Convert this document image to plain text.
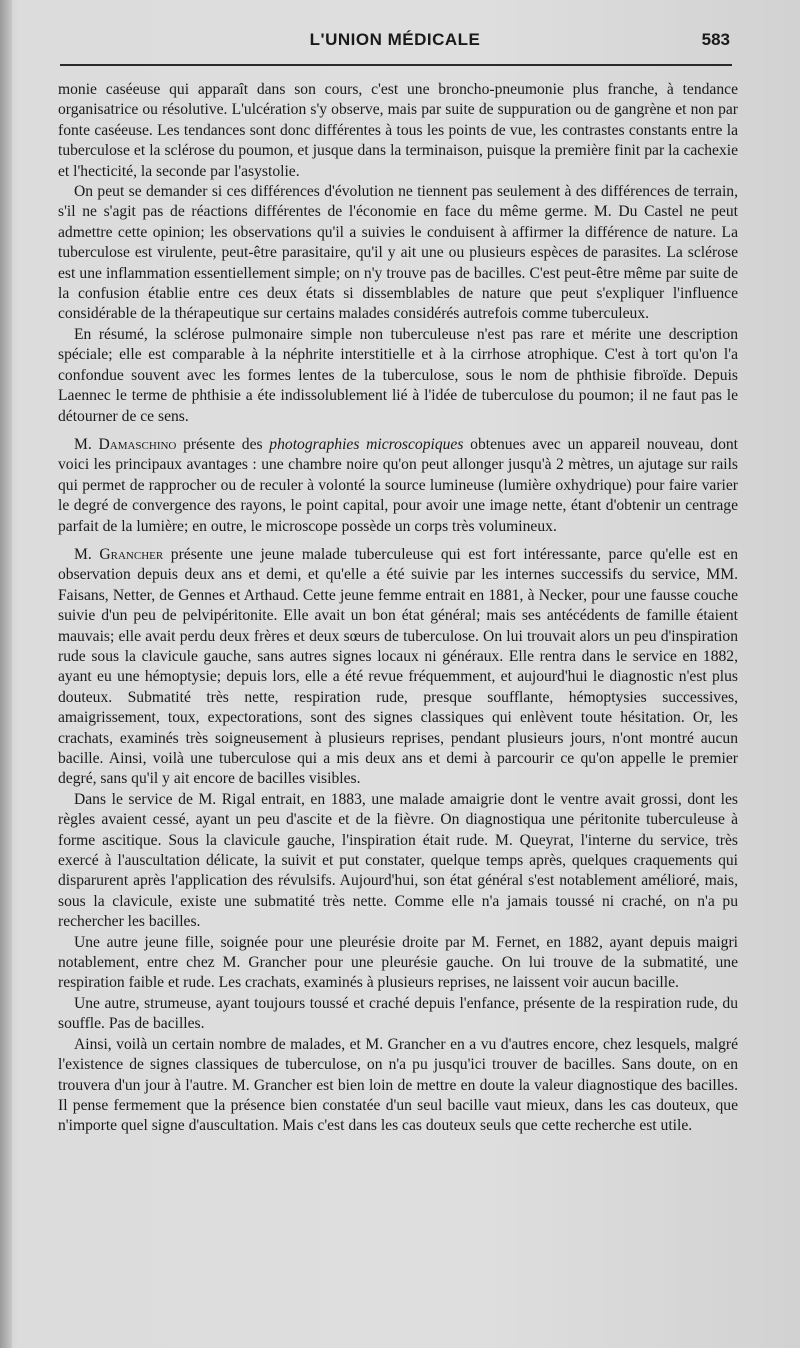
L'UNION MÉDICALE	583

monie caséeuse qui apparaît dans son cours, c'est une broncho-pneumonie plus franche, à tendance organisatrice ou résolutive. L'ulcération s'y observe, mais par suite de suppuration ou de gangrène et non par fonte caséeuse. Les tendances sont donc différentes à tous les points de vue, les contrastes constants entre la tuberculose et la sclérose du poumon, et jusque dans la terminaison, puisque la première finit par la cachexie et l'hecticité, la seconde par l'asystolie.

On peut se demander si ces différences d'évolution ne tiennent pas seulement à des différences de terrain, s'il ne s'agit pas de réactions différentes de l'économie en face du même germe. M. Du Castel ne peut admettre cette opinion; les observations qu'il a suivies le conduisent à affirmer la différence de nature. La tuberculose est virulente, peut-être parasitaire, qu'il y ait une ou plusieurs espèces de parasites. La sclérose est une inflammation essentiellement simple; on n'y trouve pas de bacilles. C'est peut-être même par suite de la confusion établie entre ces deux états si dissemblables de nature que peut s'expliquer l'influence considérable de la thérapeutique sur certains malades considérés autrefois comme tuberculeux.

En résumé, la sclérose pulmonaire simple non tuberculeuse n'est pas rare et mérite une description spéciale; elle est comparable à la néphrite interstitielle et à la cirrhose atrophique. C'est à tort qu'on l'a confondue souvent avec les formes lentes de la tuberculose, sous le nom de phthisie fibroïde. Depuis Laennec le terme de phthisie a éte indissolublement lié à l'idée de tuberculose du poumon; il ne faut pas le détourner de ce sens.

M. Damaschino présente des photographies microscopiques obtenues avec un appareil nouveau, dont voici les principaux avantages : une chambre noire qu'on peut allonger jusqu'à 2 mètres, un ajutage sur rails qui permet de rapprocher ou de reculer à volonté la source lumineuse (lumière oxhydrique) pour faire varier le degré de convergence des rayons, le point capital, pour avoir une image nette, étant d'obtenir un centrage parfait de la lumière; en outre, le microscope possède un corps très volumineux.

M. Grancher présente une jeune malade tuberculeuse qui est fort intéressante, parce qu'elle est en observation depuis deux ans et demi, et qu'elle a été suivie par les internes successifs du service, MM. Faisans, Netter, de Gennes et Arthaud. Cette jeune femme entrait en 1881, à Necker, pour une fausse couche suivie d'un peu de pelvipéritonite. Elle avait un bon état général; mais ses antécédents de famille étaient mauvais; elle avait perdu deux frères et deux sœurs de tuberculose. On lui trouvait alors un peu d'inspiration rude sous la clavicule gauche, sans autres signes locaux ni généraux. Elle rentra dans le service en 1882, ayant eu une hémoptysie; depuis lors, elle a été revue fréquemment, et aujourd'hui le diagnostic n'est plus douteux. Submatité très nette, respiration rude, presque soufflante, hémoptysies successives, amaigrissement, toux, expectorations, sont des signes classiques qui enlèvent toute hésitation. Or, les crachats, examinés très soigneusement à plusieurs reprises, pendant plusieurs jours, n'ont montré aucun bacille. Ainsi, voilà une tuberculose qui a mis deux ans et demi à parcourir ce qu'on appelle le premier degré, sans qu'il y ait encore de bacilles visibles.

Dans le service de M. Rigal entrait, en 1883, une malade amaigrie dont le ventre avait grossi, dont les règles avaient cessé, ayant un peu d'ascite et de la fièvre. On diagnostiqua une péritonite tuberculeuse à forme ascitique. Sous la clavicule gauche, l'inspiration était rude. M. Queyrat, l'interne du service, très exercé à l'auscultation délicate, la suivit et put constater, quelque temps après, quelques craquements qui disparurent après l'application des révulsifs. Aujourd'hui, son état général s'est notablement amélioré, mais, sous la clavicule, existe une submatité très nette. Comme elle n'a jamais toussé ni craché, on n'a pu rechercher les bacilles.

Une autre jeune fille, soignée pour une pleurésie droite par M. Fernet, en 1882, ayant depuis maigri notablement, entre chez M. Grancher pour une pleurésie gauche. On lui trouve de la submatité, une respiration faible et rude. Les crachats, examinés à plusieurs reprises, ne laissent voir aucun bacille.

Une autre, strumeuse, ayant toujours toussé et craché depuis l'enfance, présente de la respiration rude, du souffle. Pas de bacilles.

Ainsi, voilà un certain nombre de malades, et M. Grancher en a vu d'autres encore, chez lesquels, malgré l'existence de signes classiques de tuberculose, on n'a pu jusqu'ici trouver de bacilles. Sans doute, on en trouvera d'un jour à l'autre. M. Grancher est bien loin de mettre en doute la valeur diagnostique des bacilles. Il pense fermement que la présence bien constatée d'un seul bacille vaut mieux, dans les cas douteux, que n'importe quel signe d'auscultation. Mais c'est dans les cas douteux seuls que cette recherche est utile.
